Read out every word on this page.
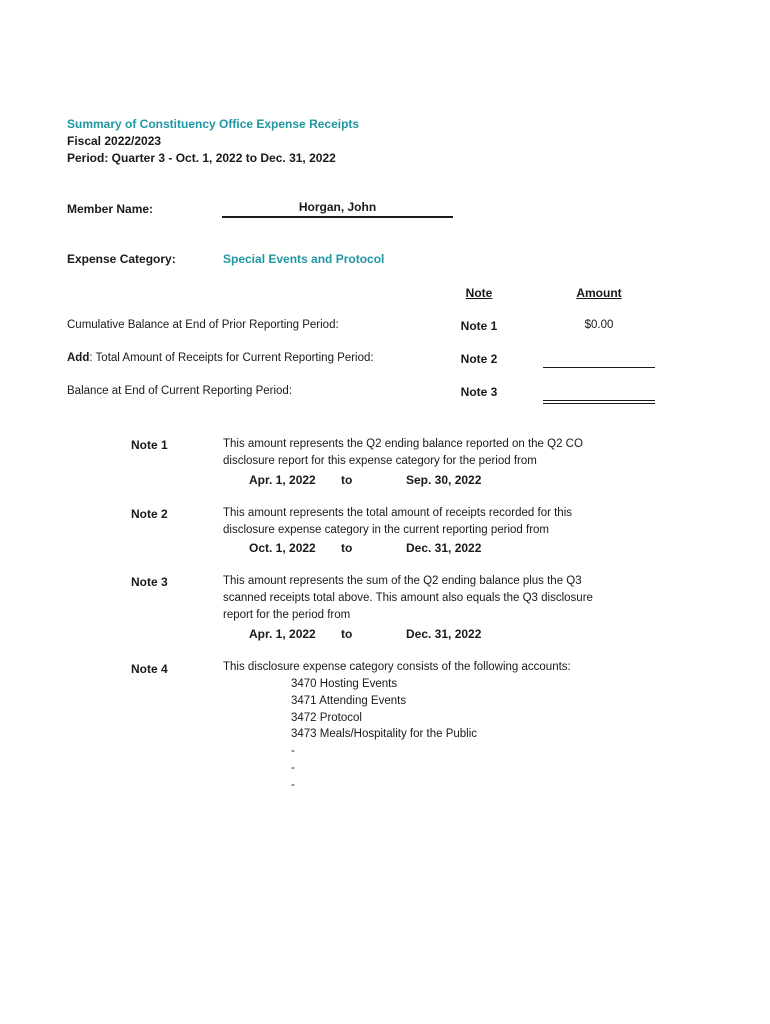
Summary of Constituency Office Expense Receipts
Fiscal 2022/2023
Period: Quarter 3 - Oct. 1, 2022 to Dec. 31, 2022
Member Name:	Horgan, John
Expense Category:	Special Events and Protocol
Note	Amount
Cumulative Balance at End of Prior Reporting Period:	Note 1	$0.00
Add: Total Amount of Receipts for Current Reporting Period:	Note 2
Balance at End of Current Reporting Period:	Note 3
Note 1	This amount represents the Q2 ending balance reported on the Q2 CO
disclosure report for this expense category for the period from
Apr. 1, 2022 to	Sep. 30, 2022
Note 2	This amount represents the total amount of receipts recorded for this
disclosure expense category in the current reporting period from
Oct. 1, 2022 to	Dec. 31, 2022
Note 3	This amount represents the sum of the Q2 ending balance plus the Q3
scanned receipts total above. This amount also equals the Q3 disclosure
report for the period from
Apr. 1, 2022 to	Dec. 31, 2022
Note 4	This disclosure expense category consists of the following accounts:
3470 Hosting Events
3471 Attending Events
3472 Protocol
3473 Meals/Hospitality for the Public
-
-
-
